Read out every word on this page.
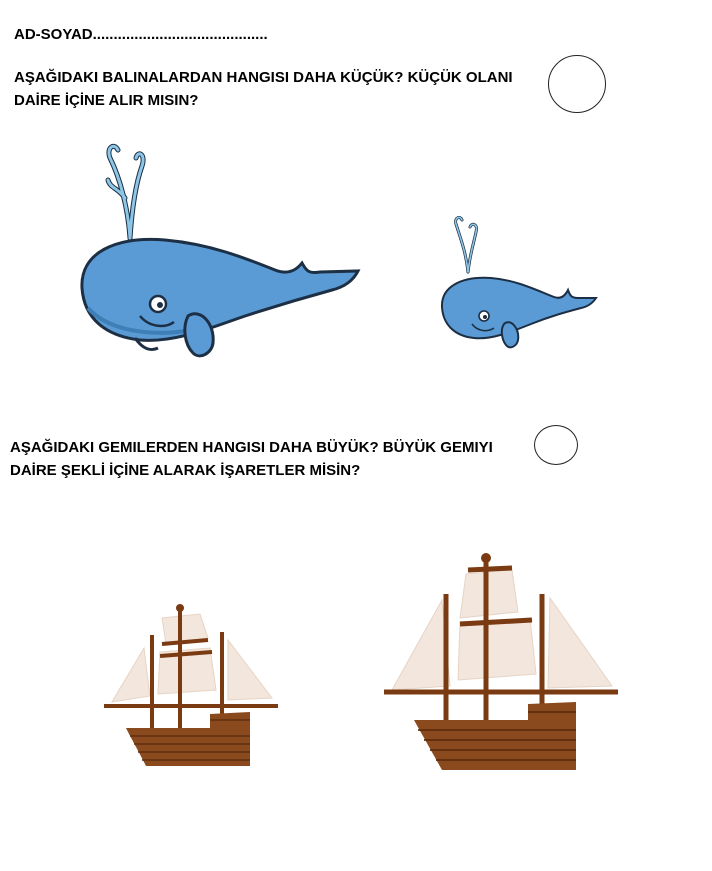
AD-SOYAD..........................................
AŞAĞIDAKI BALINALARDAN HANGISI DAHA KÜÇÜK? KÜÇÜK OLANI
DAİRE İÇİNE ALIR MISIN?
AŞAĞIDAKI GEMILERDEN HANGISI DAHA BÜYÜK? BÜYÜK GEMIYI
DAİRE ŞEKLİ İÇİNE ALARAK İŞARETLER MİSİN?
